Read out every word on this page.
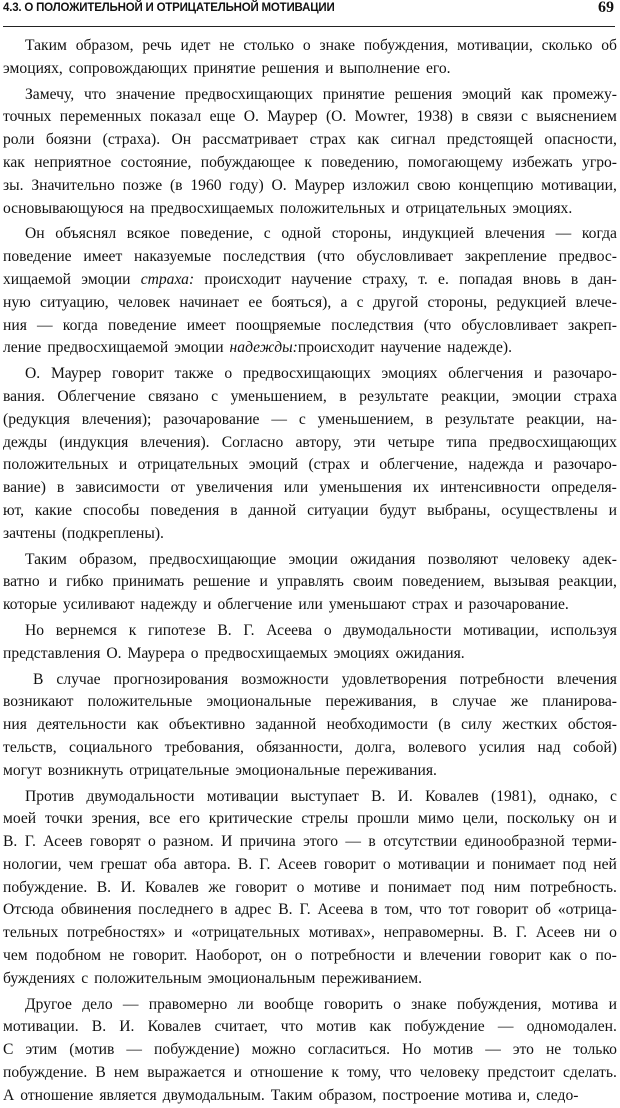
4.3. О ПОЛОЖИТЕЛЬНОЙ И ОТРИЦАТЕЛЬНОЙ МОТИВАЦИИ	69
Таким образом, речь идет не столько о знаке побуждения, мотивации, сколько об
эмоциях, сопровождающих принятие решения и выполнение его.
Замечу, что значение предвосхищающих принятие решения эмоций как промежу-
точных переменных показал еще О. Маурер (O. Mowrer, 1938) в связи с выяснением
роли боязни (страха). Он рассматривает страх как сигнал предстоящей опасности,
как неприятное состояние, побуждающее к поведению, помогающему избежать угро-
зы. Значительно позже (в 1960 году) О. Маурер изложил свою концепцию мотивации,
основывающуюся на предвосхищаемых положительных и отрицательных эмоциях.
Он объяснял всякое поведение, с одной стороны, индукцией влечения — когда
поведение имеет наказуемые последствия (что обусловливает закрепление предвос-
хищаемой эмоции страха: происходит научение страху, т. е. попадая вновь в дан-
ную ситуацию, человек начинает ее бояться), а с другой стороны, редукцией влече-
ния — когда поведение имеет поощряемые последствия (что обусловливает закреп-
ление предвосхищаемой эмоции надежды: происходит научение надежде).
О. Маурер говорит также о предвосхищающих эмоциях облегчения и разочаро-
вания. Облегчение связано с уменьшением, в результате реакции, эмоции страха
(редукция влечения); разочарование — с уменьшением, в результате реакции, на-
дежды (индукция влечения). Согласно автору, эти четыре типа предвосхищающих
положительных и отрицательных эмоций (страх и облегчение, надежда и разочаро-
вание) в зависимости от увеличения или уменьшения их интенсивности определя-
ют, какие способы поведения в данной ситуации будут выбраны, осуществлены и
зачтены (подкреплены).
Таким образом, предвосхищающие эмоции ожидания позволяют человеку адек-
ватно и гибко принимать решение и управлять своим поведением, вызывая реакции,
которые усиливают надежду и облегчение или уменьшают страх и разочарование.
Но вернемся к гипотезе В. Г. Асеева о двумодальности мотивации, используя
представления О. Маурера о предвосхищаемых эмоциях ожидания.
В случае прогнозирования возможности удовлетворения потребности влечения
возникают положительные эмоциональные переживания, в случае же планирова-
ния деятельности как объективно заданной необходимости (в силу жестких обстоя-
тельств, социального требования, обязанности, долга, волевого усилия над собой)
могут возникнуть отрицательные эмоциональные переживания.
Против двумодальности мотивации выступает В. И. Ковалев (1981), однако, с
моей точки зрения, все его критические стрелы прошли мимо цели, поскольку он и
В. Г. Асеев говорят о разном. И причина этого — в отсутствии единообразной терми-
нологии, чем грешат оба автора. В. Г. Асеев говорит о мотивации и понимает под ней
побуждение. В. И. Ковалев же говорит о мотиве и понимает под ним потребность.
Отсюда обвинения последнего в адрес В. Г. Асеева в том, что тот говорит об «отрица-
тельных потребностях» и «отрицательных мотивах», неправомерны. В. Г. Асеев ни о
чем подобном не говорит. Наоборот, он о потребности и влечении говорит как о по-
буждениях с положительным эмоциональным переживанием.
Другое дело — правомерно ли вообще говорить о знаке побуждения, мотива и
мотивации. В. И. Ковалев считает, что мотив как побуждение — одномодален.
С этим (мотив — побуждение) можно согласиться. Но мотив — это не только
побуждение. В нем выражается и отношение к тому, что человеку предстоит сделать.
А отношение является двумодальным. Таким образом, построение мотива и, следо-
